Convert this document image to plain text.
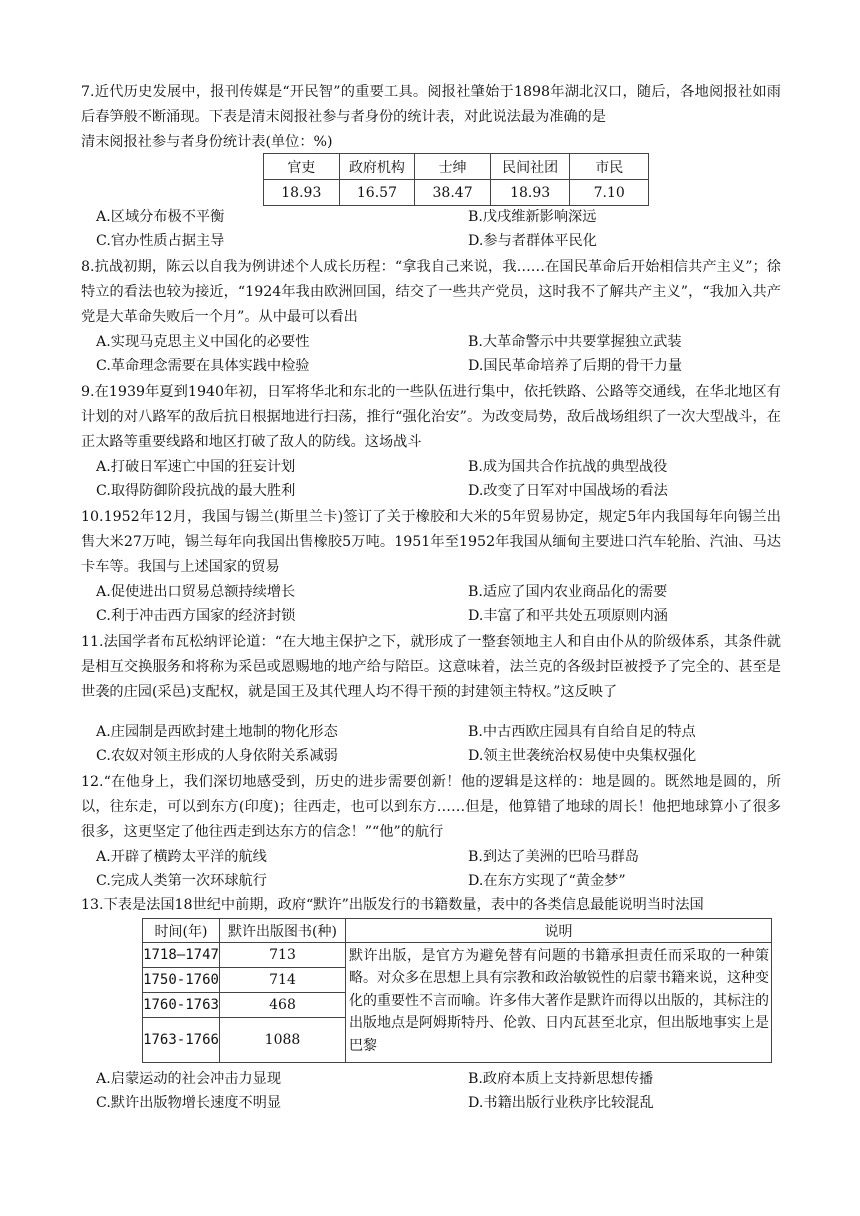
7.近代历史发展中，报刊传媒是“开民智”的重要工具。阅报社肇始于1898年湖北汉口，随后，各地阅报社如雨后春笋般不断涌现。下表是清末阅报社参与者身份的统计表，对此说法最为准确的是
清末阅报社参与者身份统计表(单位：%)
官吏	政府机构	士绅	民间社团	市民
18.93	16.57	38.47	18.93	7.10
A.区域分布极不平衡	B.戊戌维新影响深远
C.官办性质占据主导	D.参与者群体平民化
8.抗战初期，陈云以自我为例讲述个人成长历程：“拿我自己来说，我……在国民革命后开始相信共产主义”；徐特立的看法也较为接近，“1924年我由欧洲回国，结交了一些共产党员，这时我不了解共产主义”，“我加入共产党是大革命失败后一个月”。从中最可以看出
A.实现马克思主义中国化的必要性	B.大革命警示中共要掌握独立武装
C.革命理念需要在具体实践中检验	D.国民革命培养了后期的骨干力量
9.在1939年夏到1940年初，日军将华北和东北的一些队伍进行集中，依托铁路、公路等交通线，在华北地区有计划的对八路军的敌后抗日根据地进行扫荡，推行“强化治安”。为改变局势，敌后战场组织了一次大型战斗，在正太路等重要线路和地区打破了敌人的防线。这场战斗
A.打破日军速亡中国的狂妄计划	B.成为国共合作抗战的典型战役
C.取得防御阶段抗战的最大胜利	D.改变了日军对中国战场的看法
10.1952年12月，我国与锡兰(斯里兰卡)签订了关于橡胶和大米的5年贸易协定，规定5年内我国每年向锡兰出售大米27万吨，锡兰每年向我国出售橡胶5万吨。1951年至1952年我国从缅甸主要进口汽车轮胎、汽油、马达卡车等。我国与上述国家的贸易
A.促使进出口贸易总额持续增长	B.适应了国内农业商品化的需要
C.利于冲击西方国家的经济封锁	D.丰富了和平共处五项原则内涵
11.法国学者布瓦松纳评论道：“在大地主保护之下，就形成了一整套领地主人和自由仆从的阶级体系，其条件就是相互交换服务和将称为采邑或恩赐地的地产给与陪臣。这意味着，法兰克的各级封臣被授予了完全的、甚至是世袭的庄园(采邑)支配权，就是国王及其代理人均不得干预的封建领主特权。”这反映了
A.庄园制是西欧封建土地制的物化形态	B.中古西欧庄园具有自给自足的特点
C.农奴对领主形成的人身依附关系减弱	D.领主世袭统治权易使中央集权强化
12.“在他身上，我们深切地感受到，历史的进步需要创新！他的逻辑是这样的：地是圆的。既然地是圆的，所以，往东走，可以到东方(印度)；往西走，也可以到东方……但是，他算错了地球的周长！他把地球算小了很多很多，这更坚定了他往西走到达东方的信念！”“他”的航行
A.开辟了横跨太平洋的航线	B.到达了美洲的巴哈马群岛
C.完成人类第一次环球航行	D.在东方实现了“黄金梦”
13.下表是法国18世纪中前期，政府“默许”出版发行的书籍数量，表中的各类信息最能说明当时法国
时间(年)	默许出版图书(种)	说明
1718—1747	713	默许出版，是官方为避免替有问题的书籍承担责任而采取的一种策略。对众多在思想上具有宗教和政治敏锐性的启蒙书籍来说，这种变化的重要性不言而喻。许多伟大著作是默许而得以出版的，其标注的出版地点是阿姆斯特丹、伦敦、日内瓦甚至北京，但出版地事实上是巴黎
1750-1760	714	
1760-1763	468	
1763-1766	1088	
A.启蒙运动的社会冲击力显现	B.政府本质上支持新思想传播
C.默许出版物增长速度不明显	D.书籍出版行业秩序比较混乱
